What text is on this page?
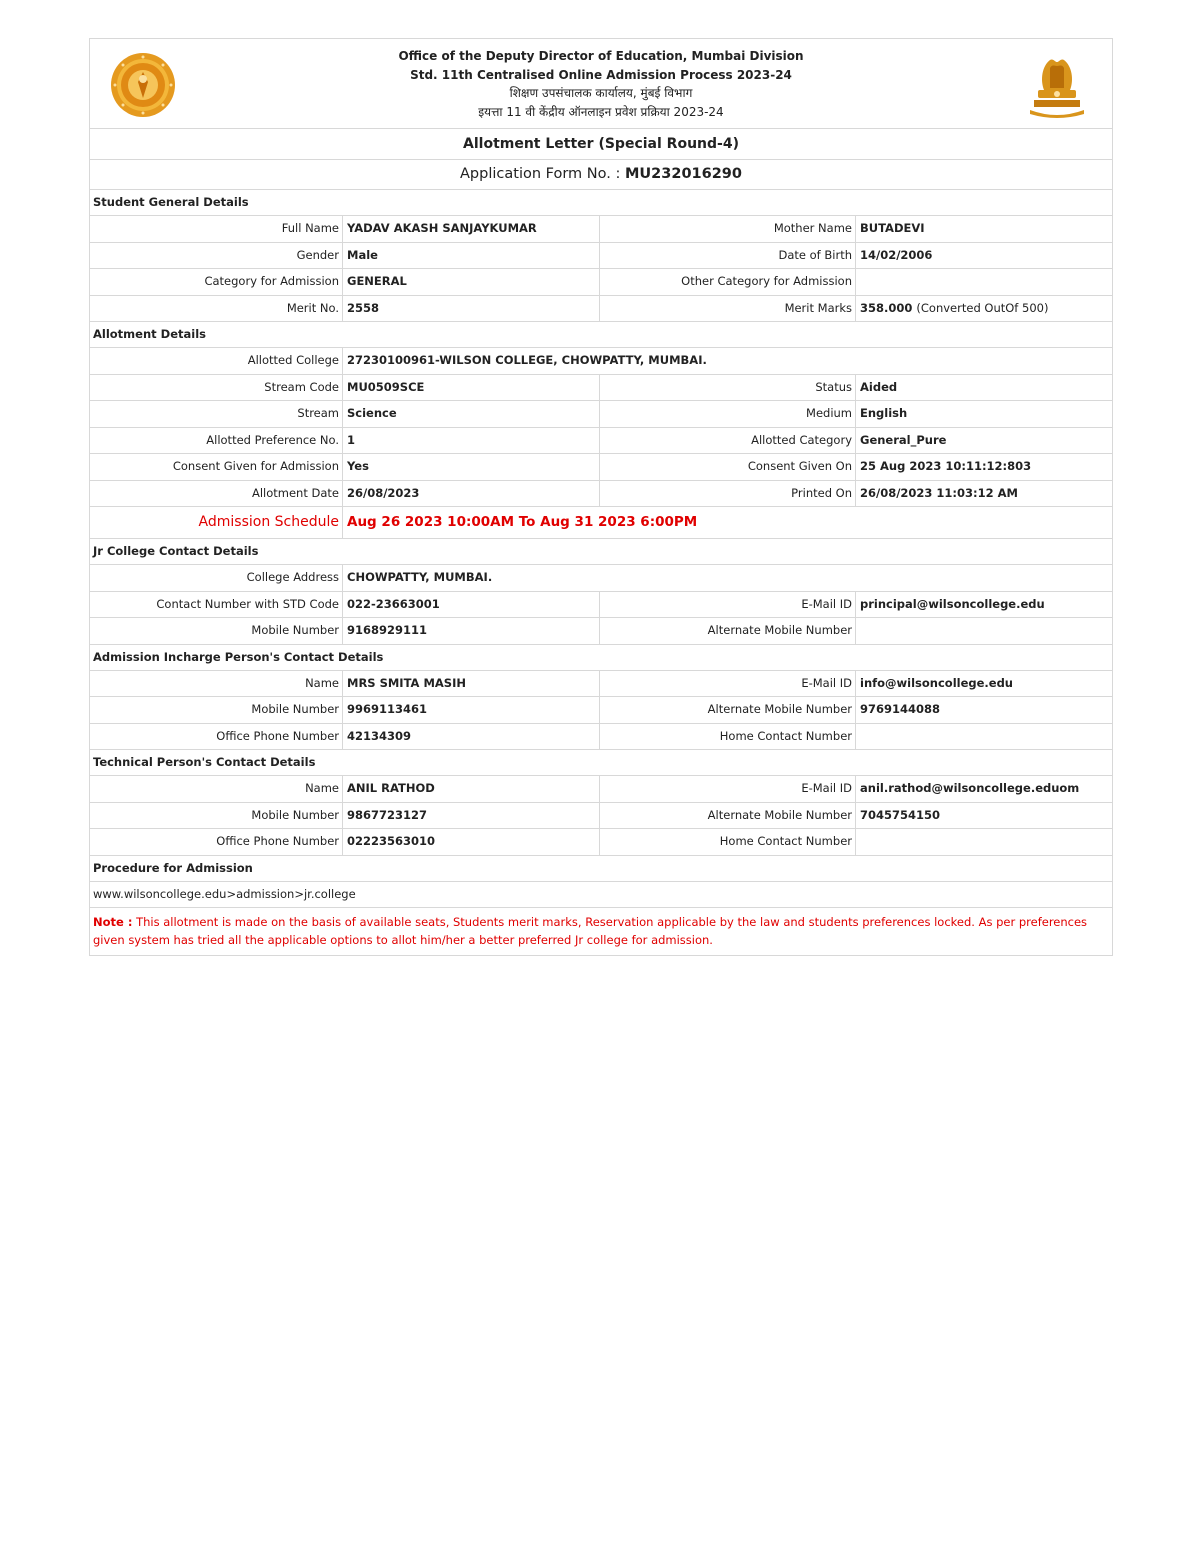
Office of the Deputy Director of Education, Mumbai Division
Std. 11th Centralised Online Admission Process 2023-24
शिक्षण उपसंचालक कार्यालय, मुंबई विभाग
इयत्ता 11 वी केंद्रीय ऑनलाइन प्रवेश प्रक्रिया 2023-24
Allotment Letter (Special Round-4)
Application Form No. : MU232016290
Student General Details
Full Name YADAV AKASH SANJAYKUMAR	Mother Name BUTADEVI
Gender Male	Date of Birth 14/02/2006
Category for Admission GENERAL	Other Category for Admission
Merit No. 2558	Merit Marks 358.000 (Converted OutOf 500)
Allotment Details
Allotted College 27230100961-WILSON COLLEGE, CHOWPATTY, MUMBAI.
Stream Code MU0509SCE	Status Aided
Stream Science	Medium English
Allotted Preference No. 1	Allotted Category General_Pure
Consent Given for Admission Yes	Consent Given On 25 Aug 2023 10:11:12:803
Allotment Date 26/08/2023	Printed On 26/08/2023 11:03:12 AM
Admission Schedule Aug 26 2023 10:00AM To Aug 31 2023 6:00PM
Jr College Contact Details
College Address CHOWPATTY, MUMBAI.
Contact Number with STD Code 022-23663001	E-Mail ID principal@wilsoncollege.edu
Mobile Number 9168929111	Alternate Mobile Number
Admission Incharge Person's Contact Details
Name MRS SMITA MASIH	E-Mail ID info@wilsoncollege.edu
Mobile Number 9969113461	Alternate Mobile Number 9769144088
Office Phone Number 42134309	Home Contact Number
Technical Person's Contact Details
Name ANIL RATHOD	E-Mail ID anil.rathod@wilsoncollege.eduom
Mobile Number 9867723127	Alternate Mobile Number 7045754150
Office Phone Number 02223563010	Home Contact Number
Procedure for Admission
www.wilsoncollege.edu>admission>jr.college
Note : This allotment is made on the basis of available seats, Students merit marks, Reservation applicable by the law and students preferences locked. As per preferences given system has tried all the applicable options to allot him/her a better preferred Jr college for admission.
